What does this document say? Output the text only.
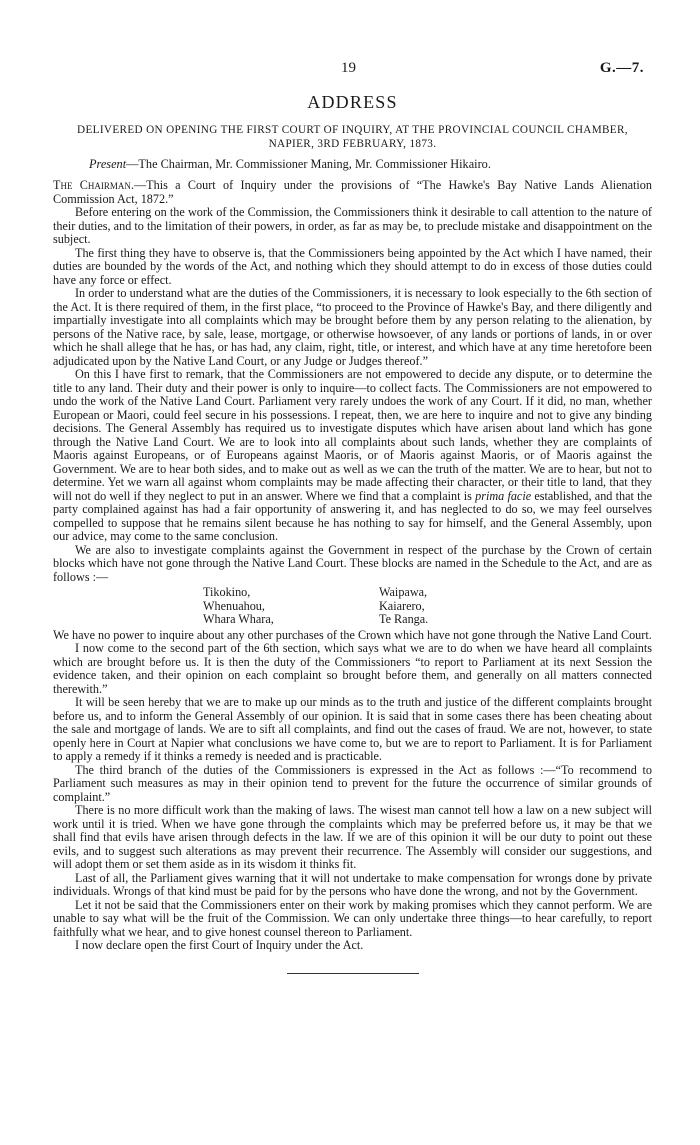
19	G.—7.
ADDRESS
DELIVERED ON OPENING THE FIRST COURT OF INQUIRY, AT THE PROVINCIAL COUNCIL CHAMBER, NAPIER, 3RD FEBRUARY, 1873.
Present—The Chairman, Mr. Commissioner Maning, Mr. Commissioner Hikairo.

The Chairman.—This a Court of Inquiry under the provisions of “The Hawke's Bay Native Lands Alienation Commission Act, 1872.”

Before entering on the work of the Commission, the Commissioners think it desirable to call attention to the nature of their duties, and to the limitation of their powers, in order, as far as may be, to preclude mistake and disappointment on the subject.

The first thing they have to observe is, that the Commissioners being appointed by the Act which I have named, their duties are bounded by the words of the Act, and nothing which they should attempt to do in excess of those duties could have any force or effect.

In order to understand what are the duties of the Commissioners, it is necessary to look especially to the 6th section of the Act. It is there required of them, in the first place, “to proceed to the Province of Hawke's Bay, and there diligently and impartially investigate into all complaints which may be brought before them by any person relating to the alienation, by persons of the Native race, by sale, lease, mortgage, or otherwise howsoever, of any lands or portions of lands, in or over which he shall allege that he has, or has had, any claim, right, title, or interest, and which have at any time heretofore been adjudicated upon by the Native Land Court, or any Judge or Judges thereof.”

On this I have first to remark, that the Commissioners are not empowered to decide any dispute, or to determine the title to any land. Their duty and their power is only to inquire—to collect facts. The Commissioners are not empowered to undo the work of the Native Land Court. Parliament very rarely undoes the work of any Court. If it did, no man, whether European or Maori, could feel secure in his possessions. I repeat, then, we are here to inquire and not to give any binding decisions. The General Assembly has required us to investigate disputes which have arisen about land which has gone through the Native Land Court. We are to look into all complaints about such lands, whether they are complaints of Maoris against Europeans, or of Europeans against Maoris, or of Maoris against Maoris, or of Maoris against the Government. We are to hear both sides, and to make out as well as we can the truth of the matter. We are to hear, but not to determine. Yet we warn all against whom complaints may be made affecting their character, or their title to land, that they will not do well if they neglect to put in an answer. Where we find that a complaint is prima facie established, and that the party complained against has had a fair opportunity of answering it, and has neglected to do so, we may feel ourselves compelled to suppose that he remains silent because he has nothing to say for himself, and the General Assembly, upon our advice, may come to the same conclusion.

We are also to investigate complaints against the Government in respect of the purchase by the Crown of certain blocks which have not gone through the Native Land Court. These blocks are named in the Schedule to the Act, and are as follows :—

Tikokino,	Waipawa,
Whenuahou,	Kaiarero,
Whara Whara,	Te Ranga.

We have no power to inquire about any other purchases of the Crown which have not gone through the Native Land Court.

I now come to the second part of the 6th section, which says what we are to do when we have heard all complaints which are brought before us. It is then the duty of the Commissioners “to report to Parliament at its next Session the evidence taken, and their opinion on each complaint so brought before them, and generally on all matters connected therewith.”

It will be seen hereby that we are to make up our minds as to the truth and justice of the different complaints brought before us, and to inform the General Assembly of our opinion. It is said that in some cases there has been cheating about the sale and mortgage of lands. We are to sift all complaints, and find out the cases of fraud. We are not, however, to state openly here in Court at Napier what conclusions we have come to, but we are to report to Parliament. It is for Parliament to apply a remedy if it thinks a remedy is needed and is practicable.

The third branch of the duties of the Commissioners is expressed in the Act as follows :—“To recommend to Parliament such measures as may in their opinion tend to prevent for the future the occurrence of similar grounds of complaint.”

There is no more difficult work than the making of laws. The wisest man cannot tell how a law on a new subject will work until it is tried. When we have gone through the complaints which may be preferred before us, it may be that we shall find that evils have arisen through defects in the law. If we are of this opinion it will be our duty to point out these evils, and to suggest such alterations as may prevent their recurrence. The Assembly will consider our suggestions, and will adopt them or set them aside as in its wisdom it thinks fit.

Last of all, the Parliament gives warning that it will not undertake to make compensation for wrongs done by private individuals. Wrongs of that kind must be paid for by the persons who have done the wrong, and not by the Government.

Let it not be said that the Commissioners enter on their work by making promises which they cannot perform. We are unable to say what will be the fruit of the Commission. We can only undertake three things—to hear carefully, to report faithfully what we hear, and to give honest counsel thereon to Parliament.

I now declare open the first Court of Inquiry under the Act.
